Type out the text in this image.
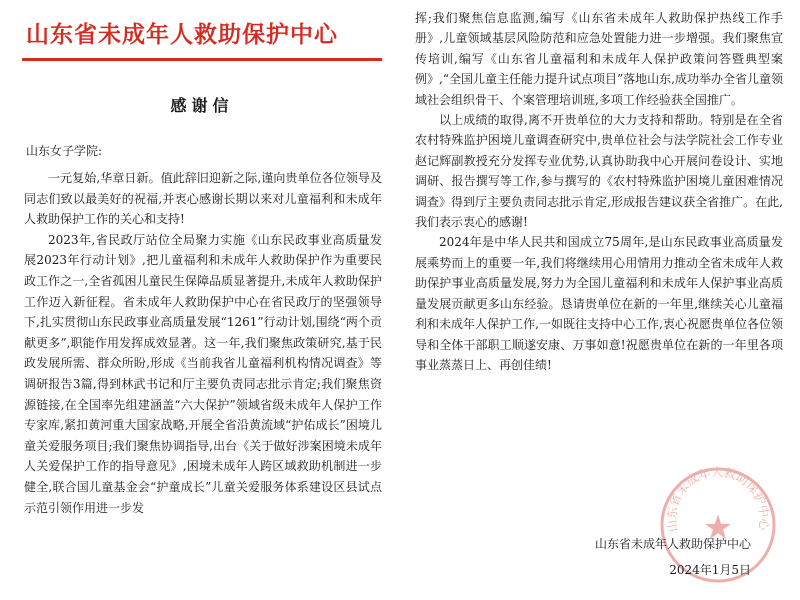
山东省未成年人救助保护中心
感谢信
山东女子学院:

一元复始,华章日新。值此辞旧迎新之际,谨向贵单位各位领导及同志们致以最美好的祝福,并衷心感谢长期以来对儿童福利和未成年人救助保护工作的关心和支持!

2023年,省民政厅站位全局聚力实施《山东民政事业高质量发展2023年行动计划》,把儿童福利和未成年人救助保护作为重要民政工作之一,全省孤困儿童民生保障品质显著提升,未成年人救助保护工作迈入新征程。省未成年人救助保护中心在省民政厅的坚强领导下,扎实贯彻山东民政事业高质量发展“1261”行动计划,围绕“两个贡献更多”,职能作用发挥成效显著。这一年,我们聚焦政策研究,基于民政发展所需、群众所盼,形成《当前我省儿童福利机构情况调查》等调研报告3篇,得到林武书记和厅主要负责同志批示肯定;我们聚焦资源链接,在全国率先组建涵盖“六大保护”领域省级未成年人保护工作专家库,紧扣黄河重大国家战略,开展全省沿黄流域“护佑成长”困境儿童关爱服务项目;我们聚焦协调指导,出台《关于做好涉案困境未成年人关爱保护工作的指导意见》,困境未成年人跨区域救助机制进一步健全,联合国儿童基金会“护童成长”儿童关爱服务体系建设区县试点示范引领作用进一步发

挥;我们聚焦信息监测,编写《山东省未成年人救助保护热线工作手册》,儿童领域基层风险防范和应急处置能力进一步增强。我们聚焦宣传培训,编写《山东省儿童福利和未成年人保护政策问答暨典型案例》,“全国儿童主任能力提升试点项目”落地山东,成功举办全省儿童领域社会组织骨干、个案管理培训班,多项工作经验获全国推广。

以上成绩的取得,离不开贵单位的大力支持和帮助。特别是在全省农村特殊监护困境儿童调查研究中,贵单位社会与法学院社会工作专业赵记辉副教授充分发挥专业优势,认真协助我中心开展问卷设计、实地调研、报告撰写等工作,参与撰写的《农村特殊监护困境儿童困难情况调查》得到厅主要负责同志批示肯定,形成报告建议获全省推广。在此,我们表示衷心的感谢!

2024年是中华人民共和国成立75周年,是山东民政事业高质量发展乘势而上的重要一年,我们将继续用心用情用力推动全省未成年人救助保护事业高质量发展,努力为全国儿童福利和未成年人保护事业高质量发展贡献更多山东经验。恳请贵单位在新的一年里,继续关心儿童福利和未成年人保护工作,一如既往支持中心工作,衷心祝愿贵单位各位领导和全体干部职工顺遂安康、万事如意!祝愿贵单位在新的一年里各项事业蒸蒸日上、再创佳绩!

山东省未成年人救助保护中心
★
山东省未成年人救助保护中心
2024年1月5日
